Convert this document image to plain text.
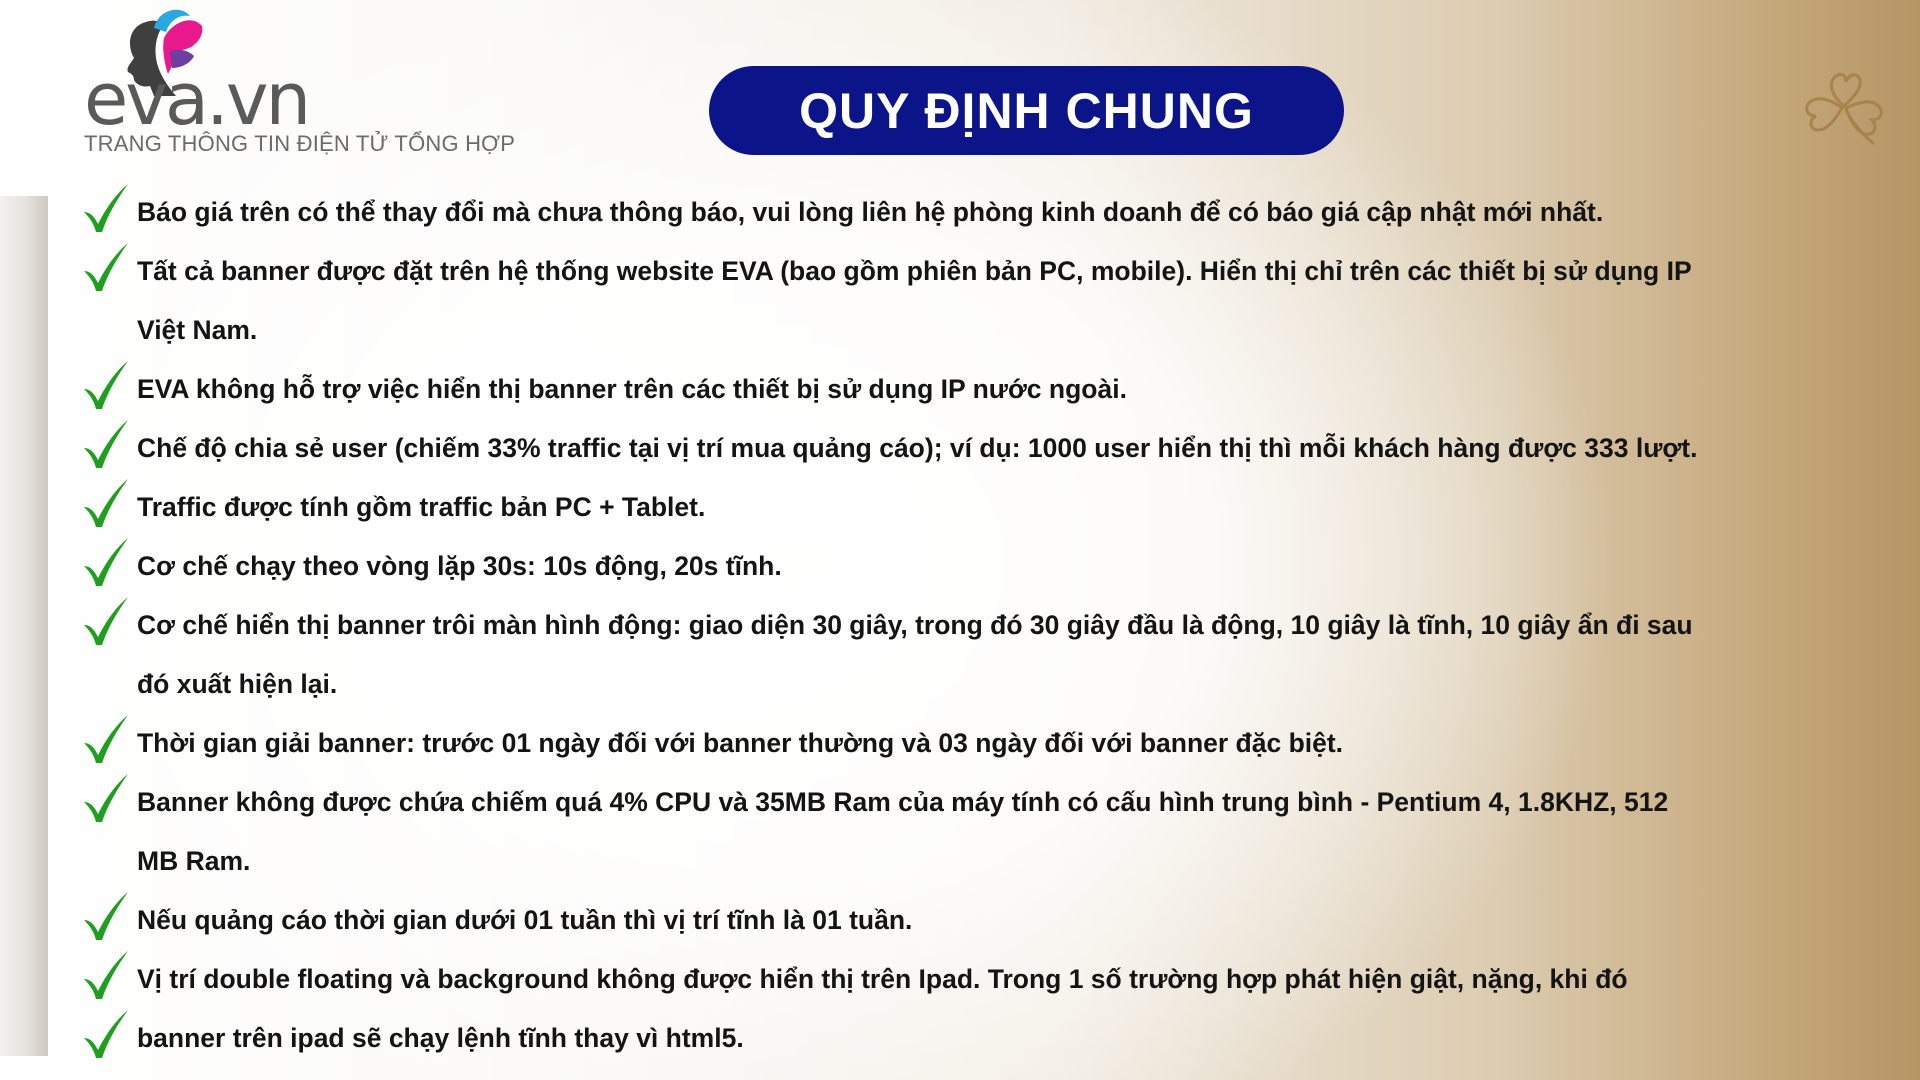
eva.vn
TRANG THÔNG TIN ĐIỆN TỬ TỔNG HỢP
QUY ĐỊNH CHUNG
Báo giá trên có thể thay đổi mà chưa thông báo, vui lòng liên hệ phòng kinh doanh để có báo giá cập nhật mới nhất.
Tất cả banner được đặt trên hệ thống website EVA (bao gồm phiên bản PC, mobile). Hiển thị chỉ trên các thiết bị sử dụng IP
Việt Nam.
EVA không hỗ trợ việc hiển thị banner trên các thiết bị sử dụng IP nước ngoài.
Chế độ chia sẻ user (chiếm 33% traffic tại vị trí mua quảng cáo); ví dụ: 1000 user hiển thị thì mỗi khách hàng được 333 lượt.
Traffic được tính gồm traffic bản PC + Tablet.
Cơ chế chạy theo vòng lặp 30s: 10s động, 20s tĩnh.
Cơ chế hiển thị banner trôi màn hình động: giao diện 30 giây, trong đó 30 giây đầu là động, 10 giây là tĩnh, 10 giây ẩn đi sau
đó xuất hiện lại.
Thời gian giải banner: trước 01 ngày đối với banner thường và 03 ngày đối với banner đặc biệt.
Banner không được chứa chiếm quá 4% CPU và 35MB Ram của máy tính có cấu hình trung bình - Pentium 4, 1.8KHZ, 512
MB Ram.
Nếu quảng cáo thời gian dưới 01 tuần thì vị trí tĩnh là 01 tuần.
Vị trí double floating và background không được hiển thị trên Ipad. Trong 1 số trường hợp phát hiện giật, nặng, khi đó
banner trên ipad sẽ chạy lệnh tĩnh thay vì html5.
